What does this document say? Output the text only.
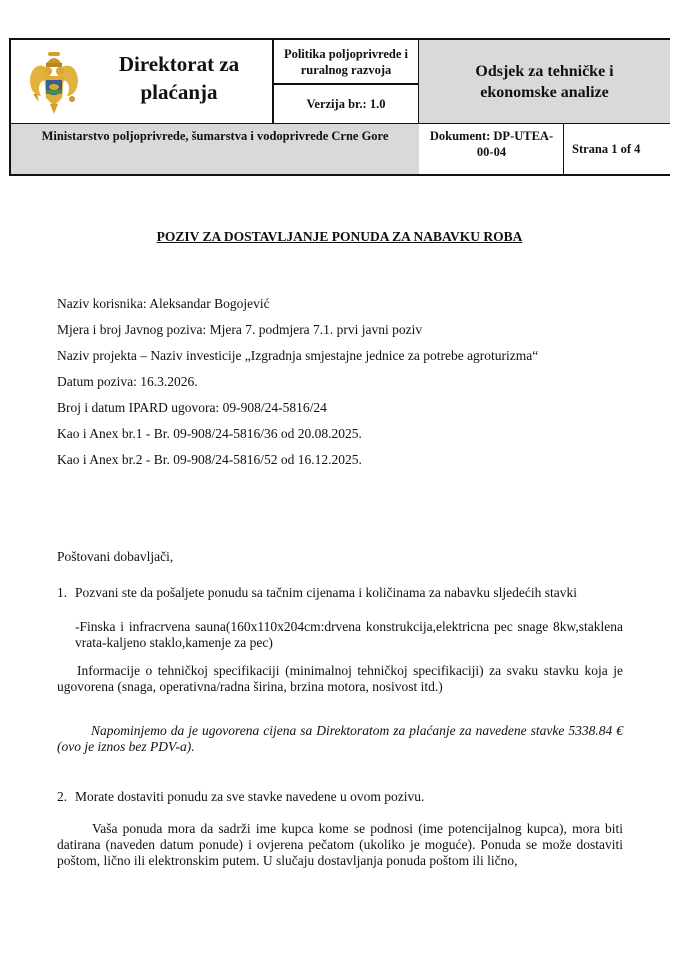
Direktorat za plaćanja
Politika poljoprivrede i ruralnog razvoja
Verzija br.: 1.0
Odsjek za tehničke i ekonomske analize
Ministarstvo poljoprivrede, šumarstva i vodoprivrede Crne Gore	Dokument: DP-UTEA-00-04	Strana 1 of 4
POZIV ZA DOSTAVLJANJE PONUDA ZA NABAVKU ROBA
Naziv korisnika: Aleksandar Bogojević
Mjera i broj Javnog poziva: Mjera 7. podmjera 7.1. prvi javni poziv
Naziv projekta – Naziv investicije „Izgradnja smjestajne jednice za potrebe agroturizma“
Datum poziva: 16.3.2026.
Broj i datum IPARD ugovora: 09-908/24-5816/24
Kao i Anex br.1 - Br. 09-908/24-5816/36 od 20.08.2025.
Kao i Anex br.2 - Br. 09-908/24-5816/52 od 16.12.2025.
Poštovani dobavljači,
1. Pozvani ste da pošaljete ponudu sa tačnim cijenama i količinama za nabavku sljedećih stavki
-Finska i infracrvena sauna(160x110x204cm:drvena konstrukcija,elektricna pec snage 8kw,staklena vrata-kaljeno staklo,kamenje za pec)
Informacije o tehničkoj specifikaciji (minimalnoj tehničkoj specifikaciji) za svaku stavku koja je ugovorena (snaga, operativna/radna širina, brzina motora, nosivost itd.)
Napominjemo da je ugovorena cijena sa Direktoratom za plaćanje za navedene stavke 5338.84 € (ovo je iznos bez PDV-a).
2. Morate dostaviti ponudu za sve stavke navedene u ovom pozivu.
Vaša ponuda mora da sadrži ime kupca kome se podnosi (ime potencijalnog kupca), mora biti datirana (naveden datum ponude) i ovjerena pečatom (ukoliko je moguće). Ponuda se može dostaviti poštom, lično ili elektronskim putem. U slučaju dostavljanja ponuda poštom ili lično,
